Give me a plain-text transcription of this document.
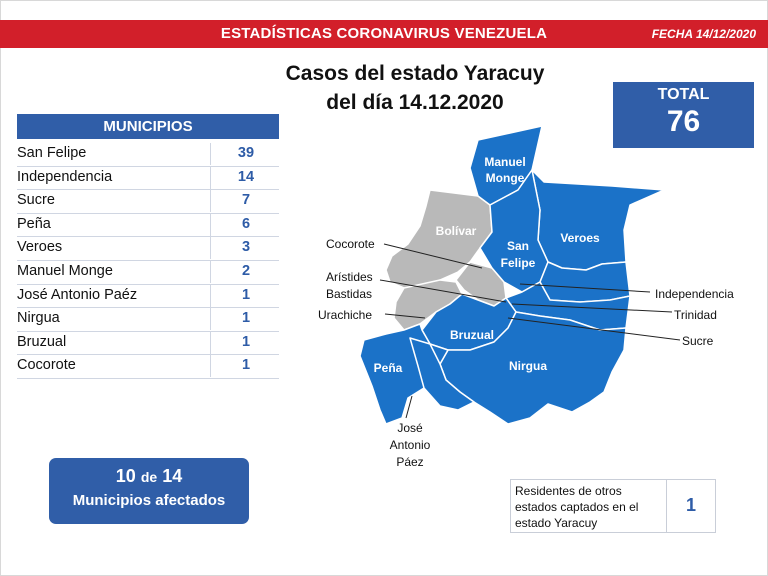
ESTADÍSTICAS CORONAVIRUS VENEZUELA	FECHA 14/12/2020
Casos del estado Yaracuy
del día 14.12.2020	TOTAL
76
MUNICIPIOS
San Felipe	39
Independencia	14
Sucre	7
Peña	6
Veroes	3
Manuel Monge	2
José Antonio Paéz	1
Nirgua	1
Bruzual	1
Cocorote	1
10 de 14
Municipios afectados
Residentes de otros estados captados en el estado Yaracuy
1
Manuel
Monge
Bolívar	Veroes
San
Felipe
Cocorote
Arístides
Bastidas
Urachiche
Independencia
Trinidad
Sucre
Bruzual
Nirgua
Peña
José
Antonio
Páez
